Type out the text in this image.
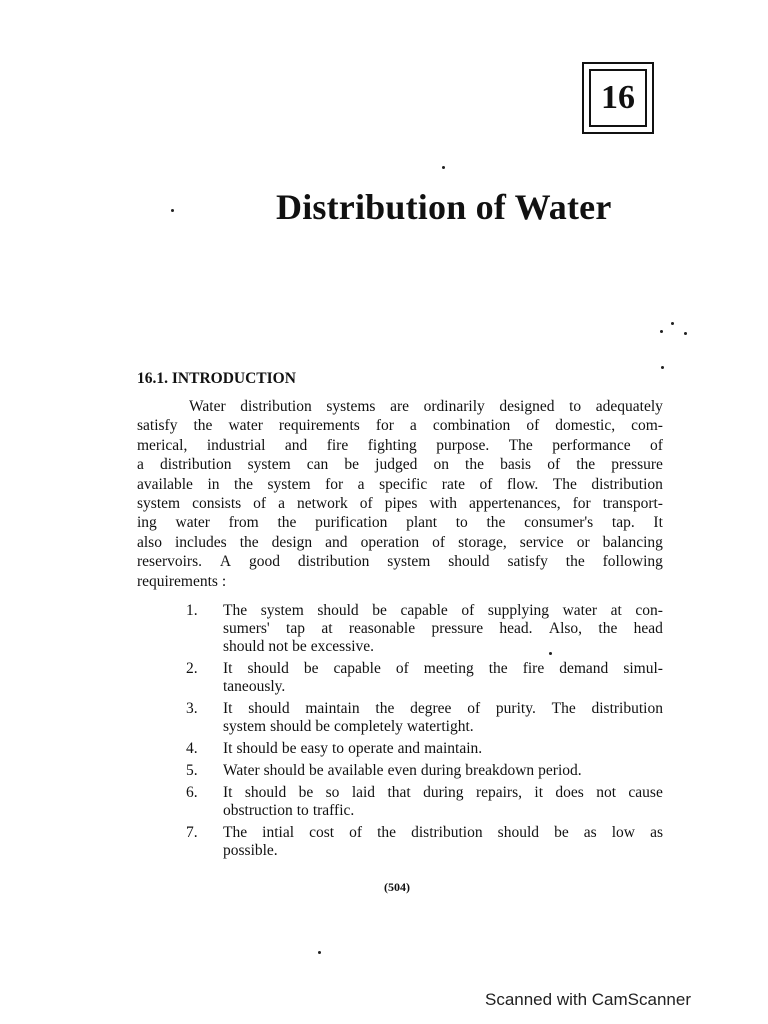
16
Distribution of Water
16.1. INTRODUCTION
Water distribution systems are ordinarily designed to adequately
satisfy the water requirements for a combination of domestic, com-
merical, industrial and fire fighting purpose. The performance of
a distribution system can be judged on the basis of the pressure
available in the system for a specific rate of flow. The distribution
system consists of a network of pipes with appertenances, for transport-
ing water from the purification plant to the consumer's tap. It
also includes the design and operation of storage, service or balancing
reservoirs. A good distribution system should satisfy the following
requirements :
1.	The system should be capable of supplying water at con-
sumers' tap at reasonable pressure head. Also, the head
should not be excessive.
2.	It should be capable of meeting the fire demand simul-
taneously.
3.	It should maintain the degree of purity. The distribution
system should be completely watertight.
4.	It should be easy to operate and maintain.
5.	Water should be available even during breakdown period.
6.	It should be so laid that during repairs, it does not cause
obstruction to traffic.
7.	The intial cost of the distribution should be as low as
possible.
(504)
Scanned with CamScanner
